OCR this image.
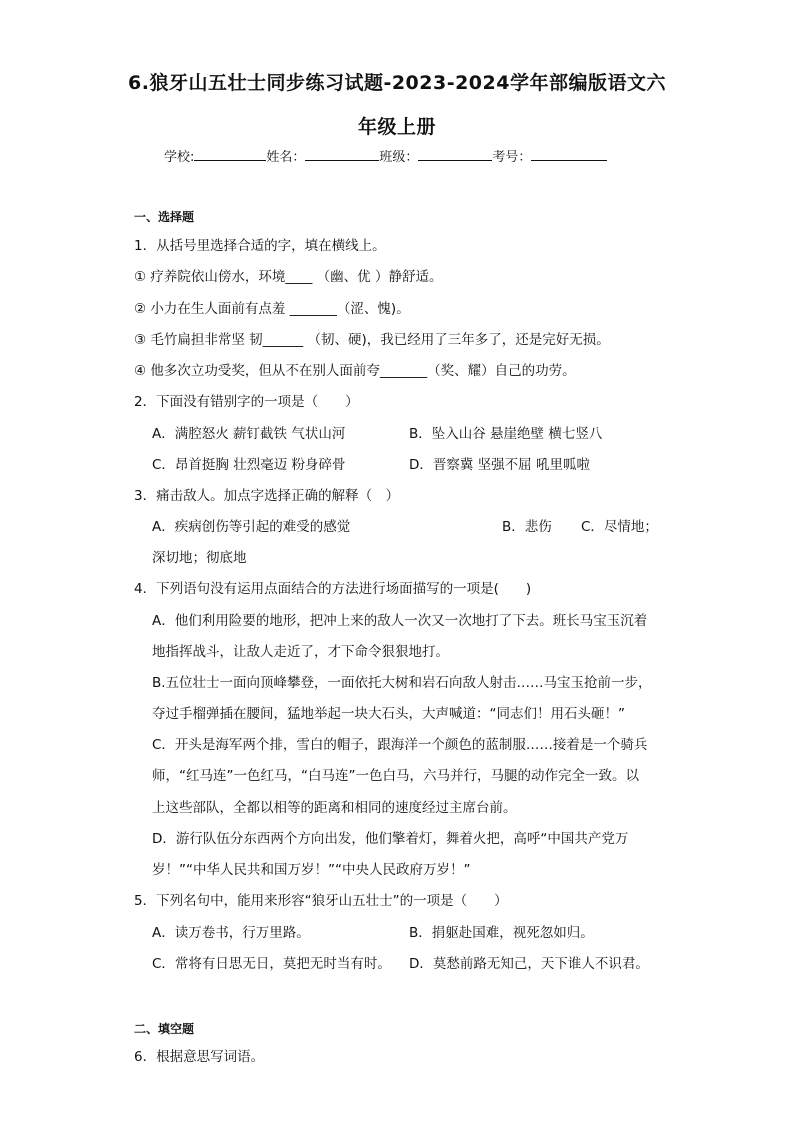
6.狼牙山五壮士同步练习试题-2023-2024学年部编版语文六
年级上册
学校:	姓名：	班级：	考号：
一、选择题
1．从括号里选择合适的字，填在横线上。
① 疗养院依山傍水，环境____ （幽、优 ）静舒适。
② 小力在生人面前有点羞 _______（涩、愧)。
③ 毛竹扁担非常坚 韧______ （韧、硬)，我已经用了三年多了，还是完好无损。
④ 他多次立功受奖，但从不在别人面前夸_______（奖、耀）自己的功劳。
2．下面没有错别字的一项是（　　）
A．满腔怒火 薪钉截铁 气状山河	B．坠入山谷 悬崖绝壁 横七竖八
C．昂首挺胸 壮烈毫迈 粉身碎骨	D．晋察冀 坚强不屈 吼里呱啦
3．痛击敌人。加点字选择正确的解释（　）
A．疾病创伤等引起的难受的感觉	B．悲伤 C．尽情地；
深切地；彻底地
4．下列语句没有运用点面结合的方法进行场面描写的一项是(　　)
A．他们利用险要的地形，把冲上来的敌人一次又一次地打了下去。班长马宝玉沉着
地指挥战斗，让敌人走近了，才下命令狠狠地打。
B.五位壮士一面向顶峰攀登，一面依托大树和岩石向敌人射击……马宝玉抢前一步，
夺过手榴弹插在腰间，猛地举起一块大石头，大声喊道：“同志们！用石头砸！”
C．开头是海军两个排，雪白的帽子，跟海洋一个颜色的蓝制服……接着是一个骑兵
师，“红马连”一色红马，“白马连”一色白马，六马并行，马腿的动作完全一致。以
上这些部队，全都以相等的距离和相同的速度经过主席台前。
D．游行队伍分东西两个方向出发，他们擎着灯，舞着火把，高呼“中国共产党万
岁！”“中华人民共和国万岁！”“中央人民政府万岁！”
5．下列名句中，能用来形容“狼牙山五壮士”的一项是（　　）
A．读万卷书，行万里路。	B．捐躯赴国难，视死忽如归。
C．常将有日思无日，莫把无时当有时。 D．莫愁前路无知己，天下谁人不识君。
二、填空题
6．根据意思写词语。
